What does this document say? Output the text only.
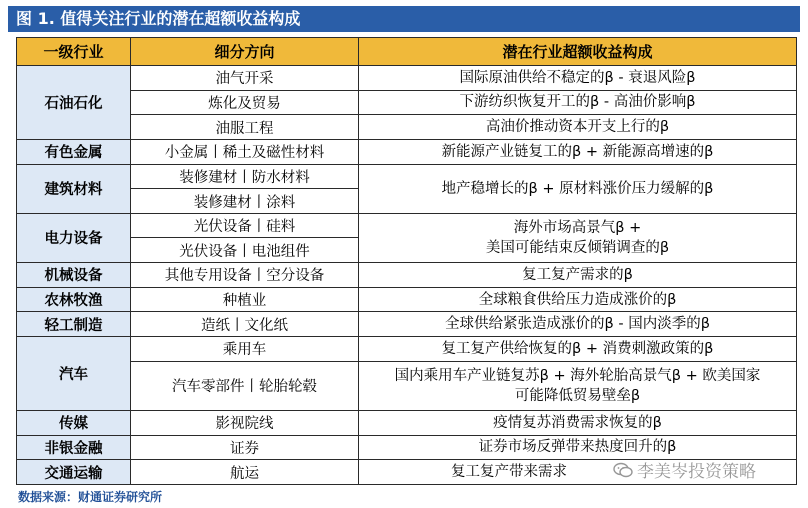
图 1. 值得关注行业的潜在超额收益构成
一级行业	细分方向	潜在行业超额收益构成
石油石化	油气开采	国际原油供给不稳定的β - 衰退风险β
	炼化及贸易	下游纺织恢复开工的β - 高油价影响β
	油服工程	高油价推动资本开支上行的β
有色金属	小金属丨稀土及磁性材料	新能源产业链复工的β + 新能源高增速的β
建筑材料	装修建材丨防水材料	地产稳增长的β + 原材料涨价压力缓解的β
	装修建材丨涂料	
电力设备	光伏设备丨硅料	海外市场高景气β +
美国可能结束反倾销调查的β

	光伏设备丨电池组件	
机械设备	其他专用设备丨空分设备	复工复产需求的β
农林牧渔	种植业	全球粮食供给压力造成涨价的β
轻工制造	造纸丨文化纸	全球供给紧张造成涨价的β - 国内淡季的β
汽车	乘用车	复工复产供给恢复的β + 消费刺激政策的β
	汽车零部件丨轮胎轮毂	国内乘用车产业链复苏β + 海外轮胎高景气β + 欧美国家
可能降低贸易壁垒β

传媒	影视院线	疫情复苏消费需求恢复的β
非银金融	证券	证券市场反弹带来热度回升的β
交通运输	航运	复工复产带来需求	李美岑投资策略
数据来源：财通证券研究所
